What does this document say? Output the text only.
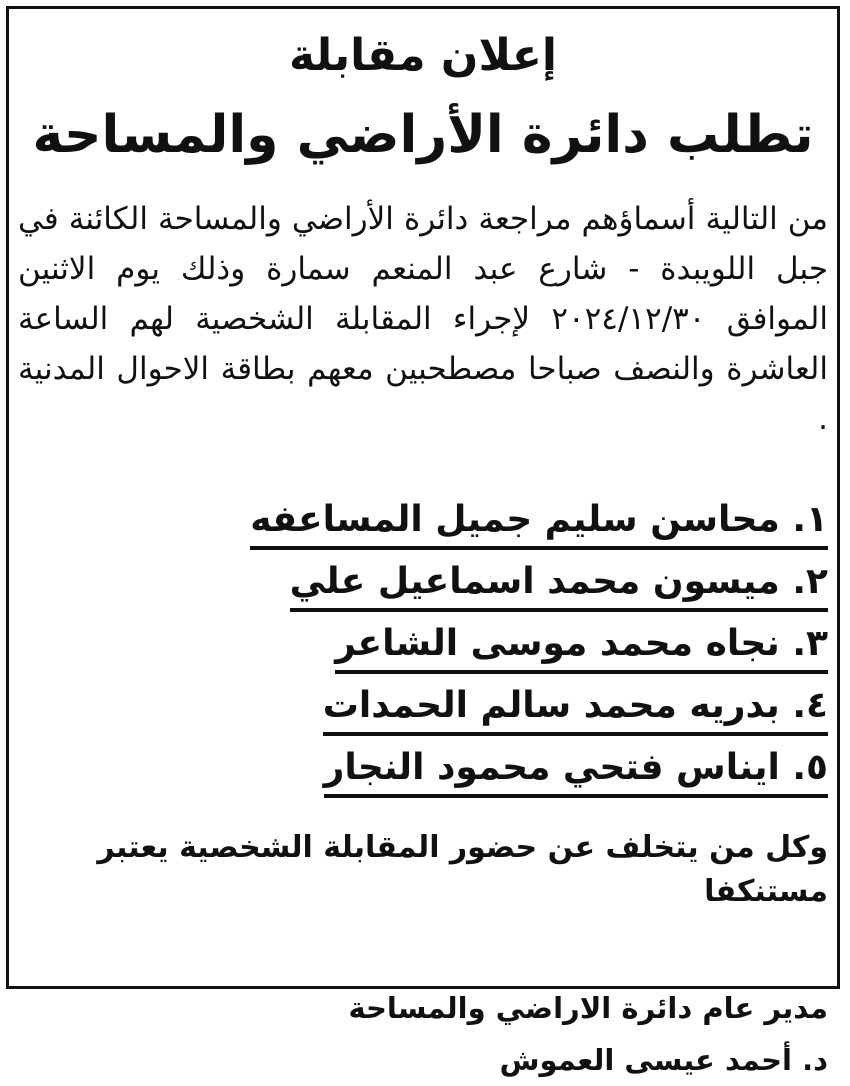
إعلان مقابلة
تطلب دائرة الأراضي والمساحة

من التالية أسماؤهم مراجعة دائرة الأراضي والمساحة الكائنة في جبل اللويبدة - شارع عبد المنعم سمارة وذلك يوم الاثنين الموافق ٢٠٢٤/١٢/٣٠ لإجراء المقابلة الشخصية لهم الساعة العاشرة والنصف صباحا مصطحبين معهم بطاقة الاحوال المدنية .

١. محاسن سليم جميل المساعفه
٢. ميسون محمد اسماعيل علي
٣. نجاه محمد موسى الشاعر
٤. بدريه محمد سالم الحمدات
٥. ايناس فتحي محمود النجار

وكل من يتخلف عن حضور المقابلة الشخصية يعتبر مستنكفا

مدير عام دائرة الاراضي والمساحة
د. أحمد عيسى العموش
